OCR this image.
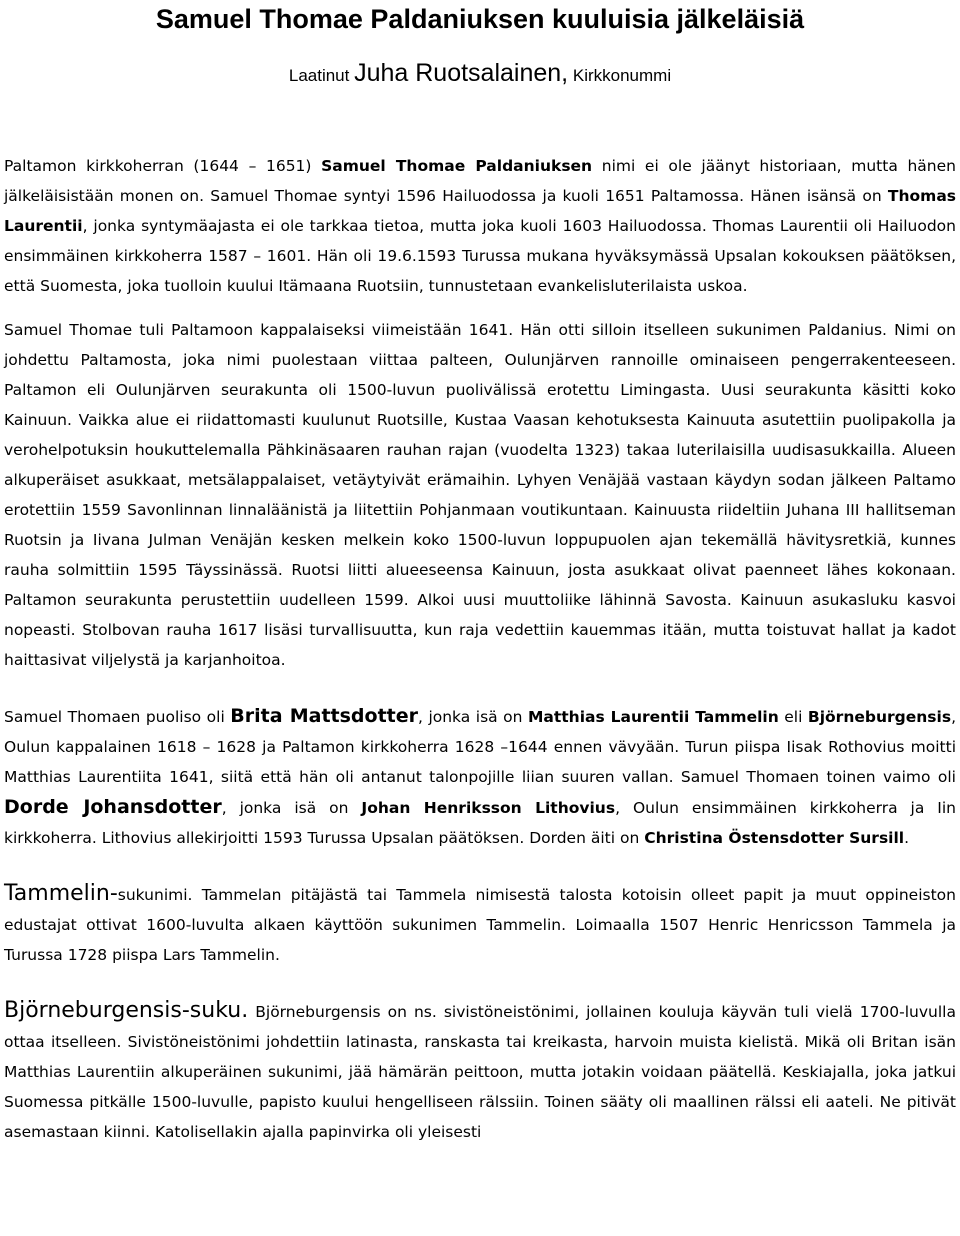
Samuel Thomae Paldaniuksen kuuluisia jälkeläisiä
Laatinut Juha Ruotsalainen, Kirkkonummi

Paltamon kirkkoherran (1644 – 1651) Samuel Thomae Paldaniuksen nimi ei ole jäänyt historiaan, mutta hänen jälkeläisistään monen on. Samuel Thomae syntyi 1596 Hailuodossa ja kuoli 1651 Paltamossa. Hänen isänsä on Thomas Laurentii, jonka syntymäajasta ei ole tarkkaa tietoa, mutta joka kuoli 1603 Hailuodossa. Thomas Laurentii oli Hailuodon ensimmäinen kirkkoherra 1587 – 1601. Hän oli 19.6.1593 Turussa mukana hyväksymässä Upsalan kokouksen päätöksen, että Suomesta, joka tuolloin kuului Itämaana Ruotsiin, tunnustetaan evankelisluterilaista uskoa.

Samuel Thomae tuli Paltamoon kappalaiseksi viimeistään 1641. Hän otti silloin itselleen sukunimen Paldanius. Nimi on johdettu Paltamosta, joka nimi puolestaan viittaa palteen, Oulunjärven rannoille ominaiseen pengerrakenteeseen. Paltamon eli Oulunjärven seurakunta oli 1500-luvun puolivälissä erotettu Limingasta. Uusi seurakunta käsitti koko Kainuun. Vaikka alue ei riidattomasti kuulunut Ruotsille, Kustaa Vaasan kehotuksesta Kainuuta asutettiin puolipakolla ja verohelpotuksin houkuttelemalla Pähkinäsaaren rauhan rajan (vuodelta 1323) takaa luterilaisilla uudisasukkailla. Alueen alkuperäiset asukkaat, metsälappalaiset, vetäytyivät erämaihin. Lyhyen Venäjää vastaan käydyn sodan jälkeen Paltamo erotettiin 1559 Savonlinnan linnaläänistä ja liitettiin Pohjanmaan voutikuntaan. Kainuusta riideltiin Juhana III hallitseman Ruotsin ja Iivana Julman Venäjän kesken melkein koko 1500-luvun loppupuolen ajan tekemällä hävitysretkiä, kunnes rauha solmittiin 1595 Täyssinässä. Ruotsi liitti alueeseensa Kainuun, josta asukkaat olivat paenneet lähes kokonaan. Paltamon seurakunta perustettiin uudelleen 1599. Alkoi uusi muuttoliike lähinnä Savosta. Kainuun asukasluku kasvoi nopeasti. Stolbovan rauha 1617 lisäsi turvallisuutta, kun raja vedettiin kauemmas itään, mutta toistuvat hallat ja kadot haittasivat viljelystä ja karjanhoitoa.

Samuel Thomaen puoliso oli Brita Mattsdotter, jonka isä on Matthias Laurentii Tammelin eli Björneburgensis, Oulun kappalainen 1618 – 1628 ja Paltamon kirkkoherra 1628 –1644 ennen vävyään. Turun piispa Iisak Rothovius moitti Matthias Laurentiita 1641, siitä että hän oli antanut talonpojille liian suuren vallan. Samuel Thomaen toinen vaimo oli Dorde Johansdotter, jonka isä on Johan Henriksson Lithovius, Oulun ensimmäinen kirkkoherra ja Iin kirkkoherra. Lithovius allekirjoitti 1593 Turussa Upsalan päätöksen. Dorden äiti on Christina Östensdotter Sursill.

Tammelin-sukunimi. Tammelan pitäjästä tai Tammela nimisestä talosta kotoisin olleet papit ja muut oppineiston edustajat ottivat 1600-luvulta alkaen käyttöön sukunimen Tammelin. Loimaalla 1507 Henric Henricsson Tammela ja Turussa 1728 piispa Lars Tammelin.

Björneburgensis-suku. Björneburgensis on ns. sivistöneistönimi, jollainen kouluja käyvän tuli vielä 1700-luvulla ottaa itselleen. Sivistöneistönimi johdettiin latinasta, ranskasta tai kreikasta, harvoin muista kielistä. Mikä oli Britan isän Matthias Laurentiin alkuperäinen sukunimi, jää hämärän peittoon, mutta jotakin voidaan päätellä. Keskiajalla, joka jatkui Suomessa pitkälle 1500-luvulle, papisto kuului hengelliseen rälssiin. Toinen sääty oli maallinen rälssi eli aateli. Ne pitivät asemastaan kiinni. Katolisellakin ajalla papinvirka oli yleisesti
